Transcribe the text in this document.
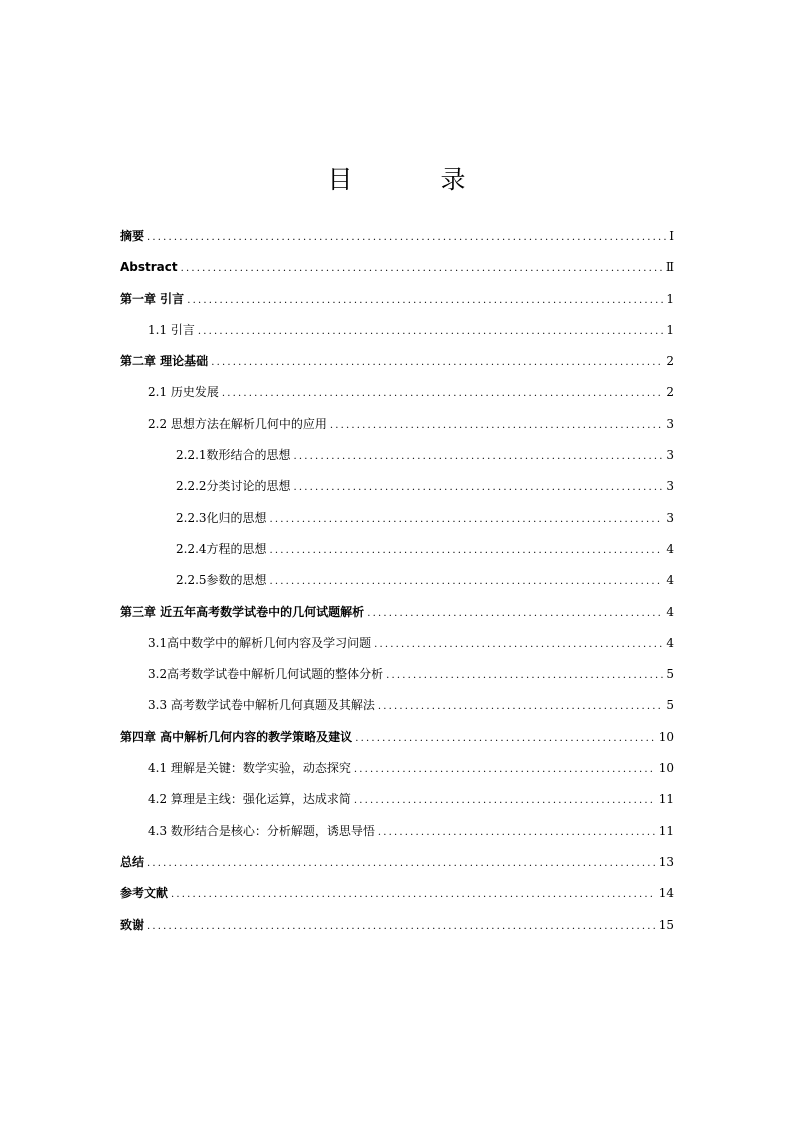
目 录
摘要 .....	Ⅰ
Abstract .....	Ⅱ
第一章 引言 .....	1
1.1 引言 .....	1
第二章 理论基础 .....	2
2.1 历史发展 .....	2
2.2 思想方法在解析几何中的应用 .....	3
2.2.1数形结合的思想 .....	3
2.2.2分类讨论的思想 .....	3
2.2.3化归的思想 .....	3
2.2.4方程的思想 .....	4
2.2.5参数的思想 .....	4
第三章 近五年高考数学试卷中的几何试题解析 .....	4
3.1高中数学中的解析几何内容及学习问题 .....	4
3.2高考数学试卷中解析几何试题的整体分析 .....	5
3.3 高考数学试卷中解析几何真题及其解法 .....	5
第四章 高中解析几何内容的教学策略及建议 .....	10
4.1 理解是关键：数学实验，动态探究 .....	10
4.2 算理是主线：强化运算，达成求简 .....	11
4.3 数形结合是核心：分析解题，诱思导悟 .....	11
总结 .....	13
参考文献 .....	14
致谢 .....	15
